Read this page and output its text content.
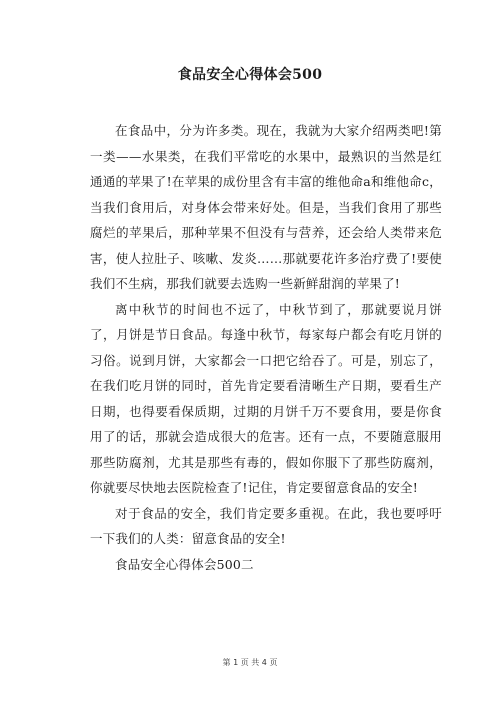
食品安全心得体会500

在食品中，分为许多类。现在，我就为大家介绍两类吧!第一类——水果类，在我们平常吃的水果中，最熟识的当然是红通通的苹果了!在苹果的成份里含有丰富的维他命a和维他命c，当我们食用后，对身体会带来好处。但是，当我们食用了那些腐烂的苹果后，那种苹果不但没有与营养，还会给人类带来危害，使人拉肚子、咳嗽、发炎……那就要花许多治疗费了!要使我们不生病，那我们就要去选购一些新鲜甜润的苹果了!

离中秋节的时间也不远了，中秋节到了，那就要说月饼了，月饼是节日食品。每逢中秋节，每家每户都会有吃月饼的习俗。说到月饼，大家都会一口把它给吞了。可是，别忘了，在我们吃月饼的同时，首先肯定要看清晰生产日期，要看生产日期，也得要看保质期，过期的月饼千万不要食用，要是你食用了的话，那就会造成很大的危害。还有一点，不要随意服用那些防腐剂，尤其是那些有毒的，假如你服下了那些防腐剂，你就要尽快地去医院检查了!记住，肯定要留意食品的安全!

对于食品的安全，我们肯定要多重视。在此，我也要呼吁一下我们的人类：留意食品的安全!

食品安全心得体会500二

第 1 页 共 4 页
